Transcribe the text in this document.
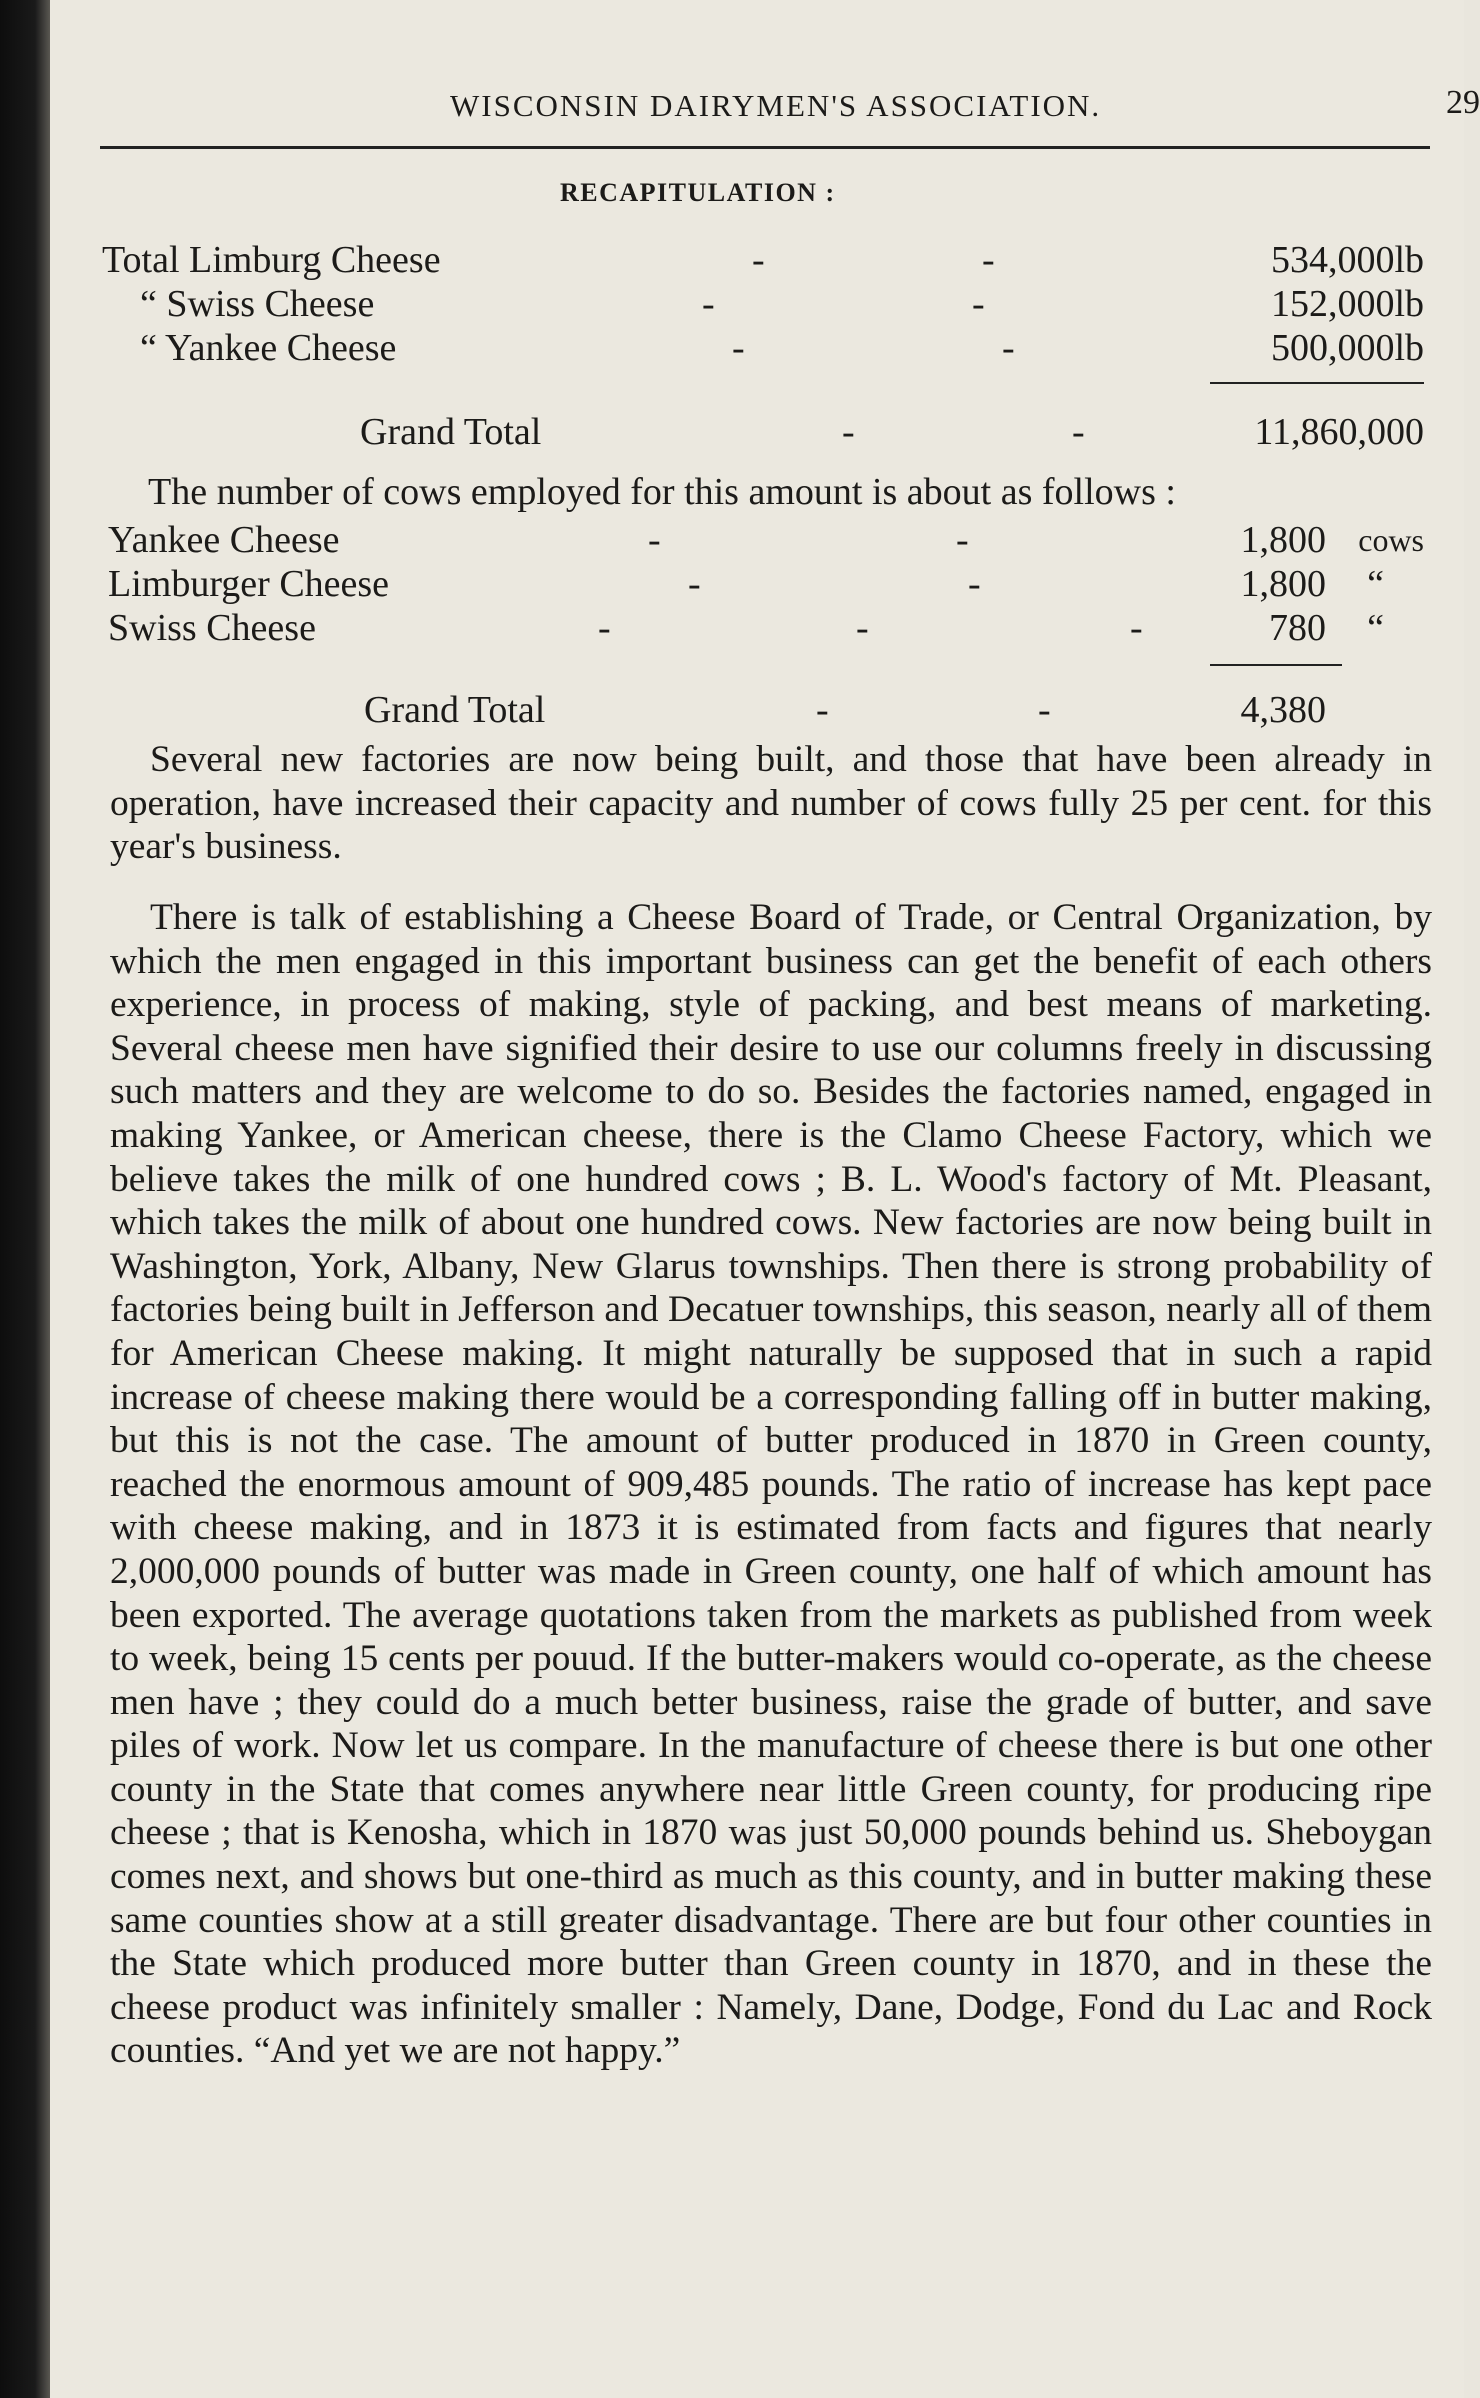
WISCONSIN DAIRYMEN'S ASSOCIATION.	29
RECAPITULATION :
Total Limburg Cheese	-	-	534,000lb
“ Swiss Cheese	-	-	152,000lb
“ Yankee Cheese	-	-	500,000lb
Grand Total	-	-	11,860,000
The number of cows employed for this amount is about as follows :
Yankee Cheese	-	-	1,800 cows
Limburger Cheese	-	-	1,800 “
Swiss Cheese	-	-	-	780 “
Grand Total	-	-	4,380

Several new factories are now being built, and those that have been already in operation, have increased their capacity and number of cows fully 25 per cent. for this year's business.

There is talk of establishing a Cheese Board of Trade, or Central Organization, by which the men engaged in this important business can get the benefit of each others experience, in process of making, style of packing, and best means of marketing. Several cheese men have signified their desire to use our columns freely in discussing such matters and they are welcome to do so. Besides the factories named, engaged in making Yankee, or American cheese, there is the Clamo Cheese Factory, which we believe takes the milk of one hundred cows ; B. L. Wood's factory of Mt. Pleasant, which takes the milk of about one hundred cows. New factories are now being built in Washington, York, Albany, New Glarus townships. Then there is strong probability of factories being built in Jefferson and Decatuer townships, this season, nearly all of them for American Cheese making. It might naturally be supposed that in such a rapid increase of cheese making there would be a corresponding falling off in butter making, but this is not the case. The amount of butter produced in 1870 in Green county, reached the enormous amount of 909,485 pounds. The ratio of increase has kept pace with cheese making, and in 1873 it is estimated from facts and figures that nearly 2,000,000 pounds of butter was made in Green county, one half of which amount has been exported. The average quotations taken from the markets as published from week to week, being 15 cents per pouud. If the butter-makers would co-operate, as the cheese men have ; they could do a much better business, raise the grade of butter, and save piles of work. Now let us compare. In the manufacture of cheese there is but one other county in the State that comes anywhere near little Green county, for producing ripe cheese ; that is Kenosha, which in 1870 was just 50,000 pounds behind us. Sheboygan comes next, and shows but one-third as much as this county, and in butter making these same counties show at a still greater disadvantage. There are but four other counties in the State which produced more butter than Green county in 1870, and in these the cheese product was infinitely smaller : Namely, Dane, Dodge, Fond du Lac and Rock counties. “And yet we are not happy.”
